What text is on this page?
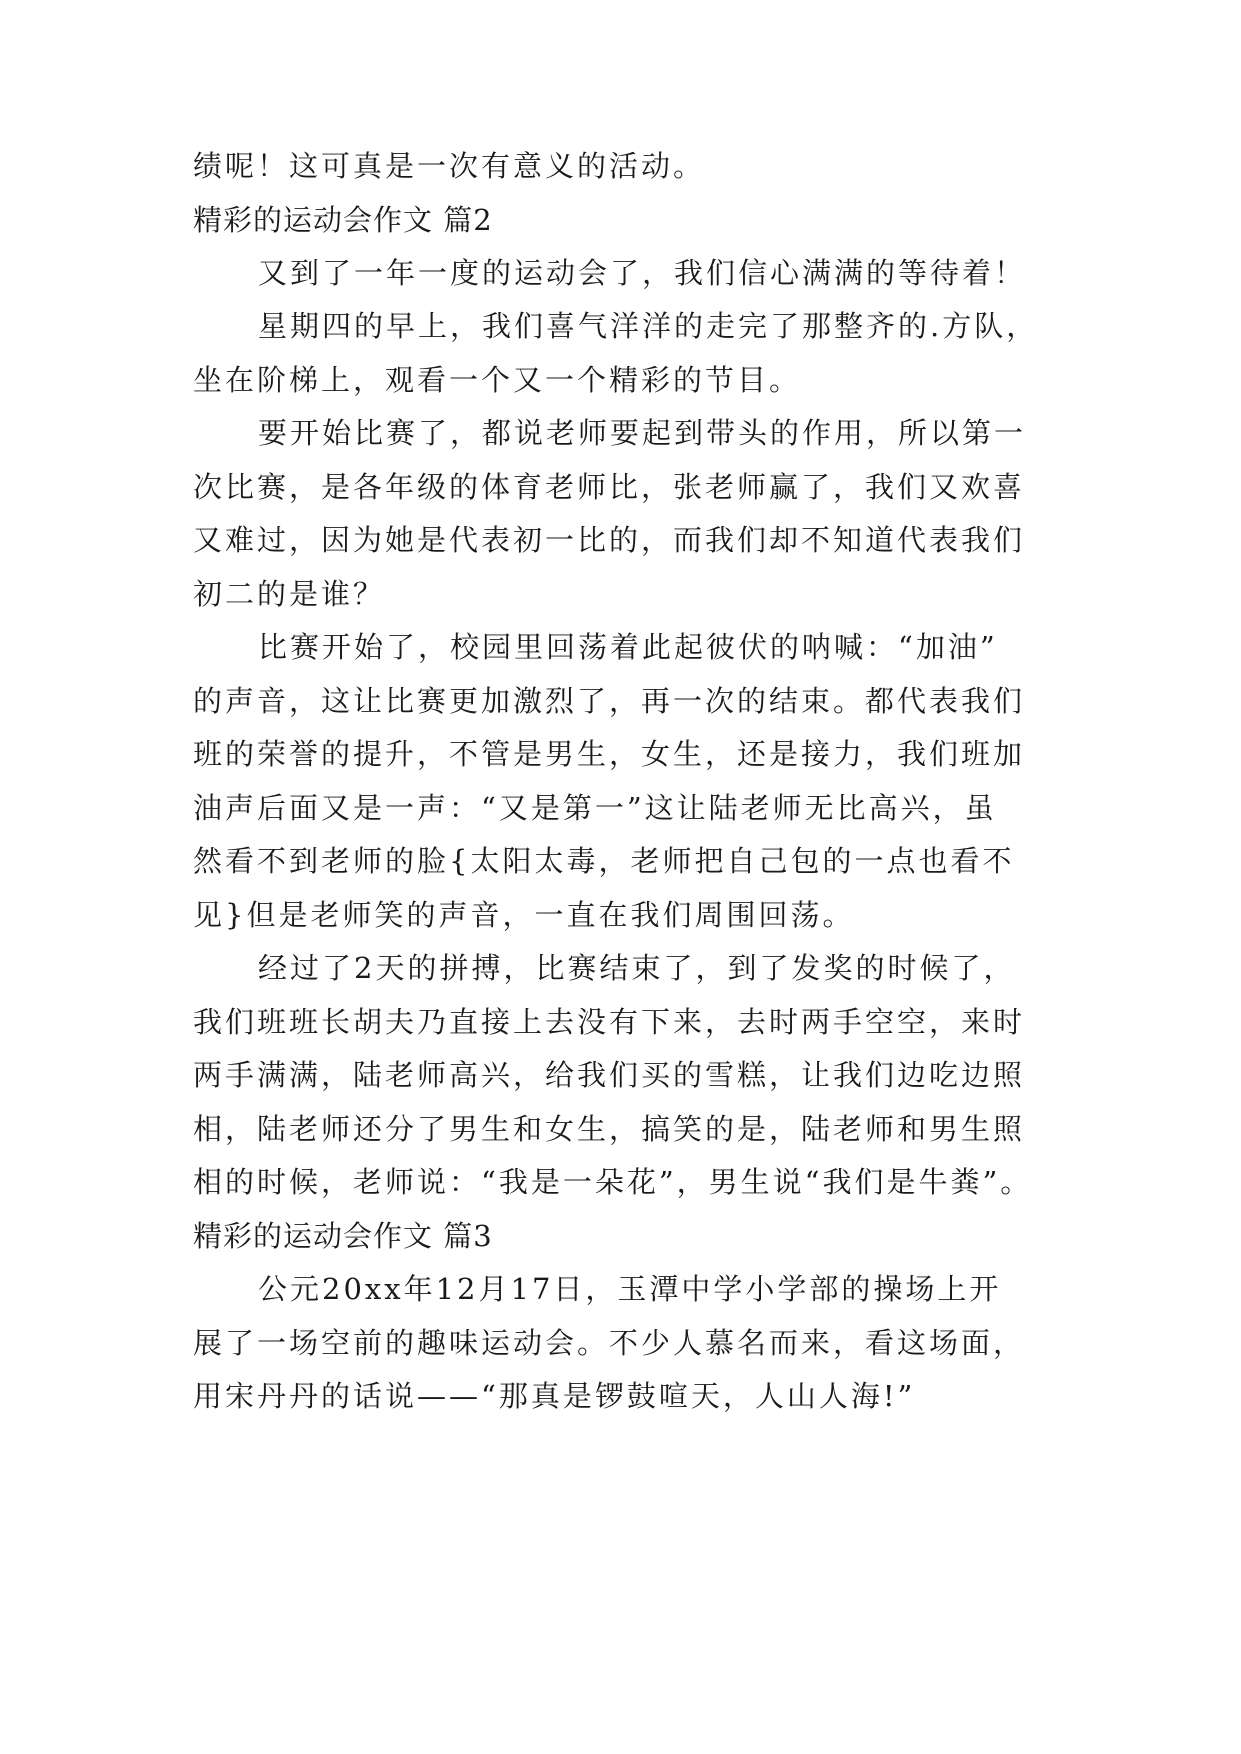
绩呢！这可真是一次有意义的活动。
精彩的运动会作文 篇2
又到了一年一度的运动会了，我们信心满满的等待着！
星期四的早上，我们喜气洋洋的走完了那整齐的.方队，
坐在阶梯上，观看一个又一个精彩的节目。
要开始比赛了，都说老师要起到带头的作用，所以第一
次比赛，是各年级的体育老师比，张老师赢了，我们又欢喜
又难过，因为她是代表初一比的，而我们却不知道代表我们
初二的是谁？
比赛开始了，校园里回荡着此起彼伏的呐喊：“加油”
的声音，这让比赛更加激烈了，再一次的结束。都代表我们
班的荣誉的提升，不管是男生，女生，还是接力，我们班加
油声后面又是一声：“又是第一”这让陆老师无比高兴，虽
然看不到老师的脸{太阳太毒，老师把自己包的一点也看不
见}但是老师笑的声音，一直在我们周围回荡。
经过了2天的拼搏，比赛结束了，到了发奖的时候了，
我们班班长胡夫乃直接上去没有下来，去时两手空空，来时
两手满满，陆老师高兴，给我们买的雪糕，让我们边吃边照
相，陆老师还分了男生和女生，搞笑的是，陆老师和男生照
相的时候，老师说：“我是一朵花”，男生说“我们是牛粪”。
精彩的运动会作文 篇3
公元20xx年12月17日，玉潭中学小学部的操场上开
展了一场空前的趣味运动会。不少人慕名而来，看这场面，
用宋丹丹的话说——“那真是锣鼓喧天，人山人海!”
